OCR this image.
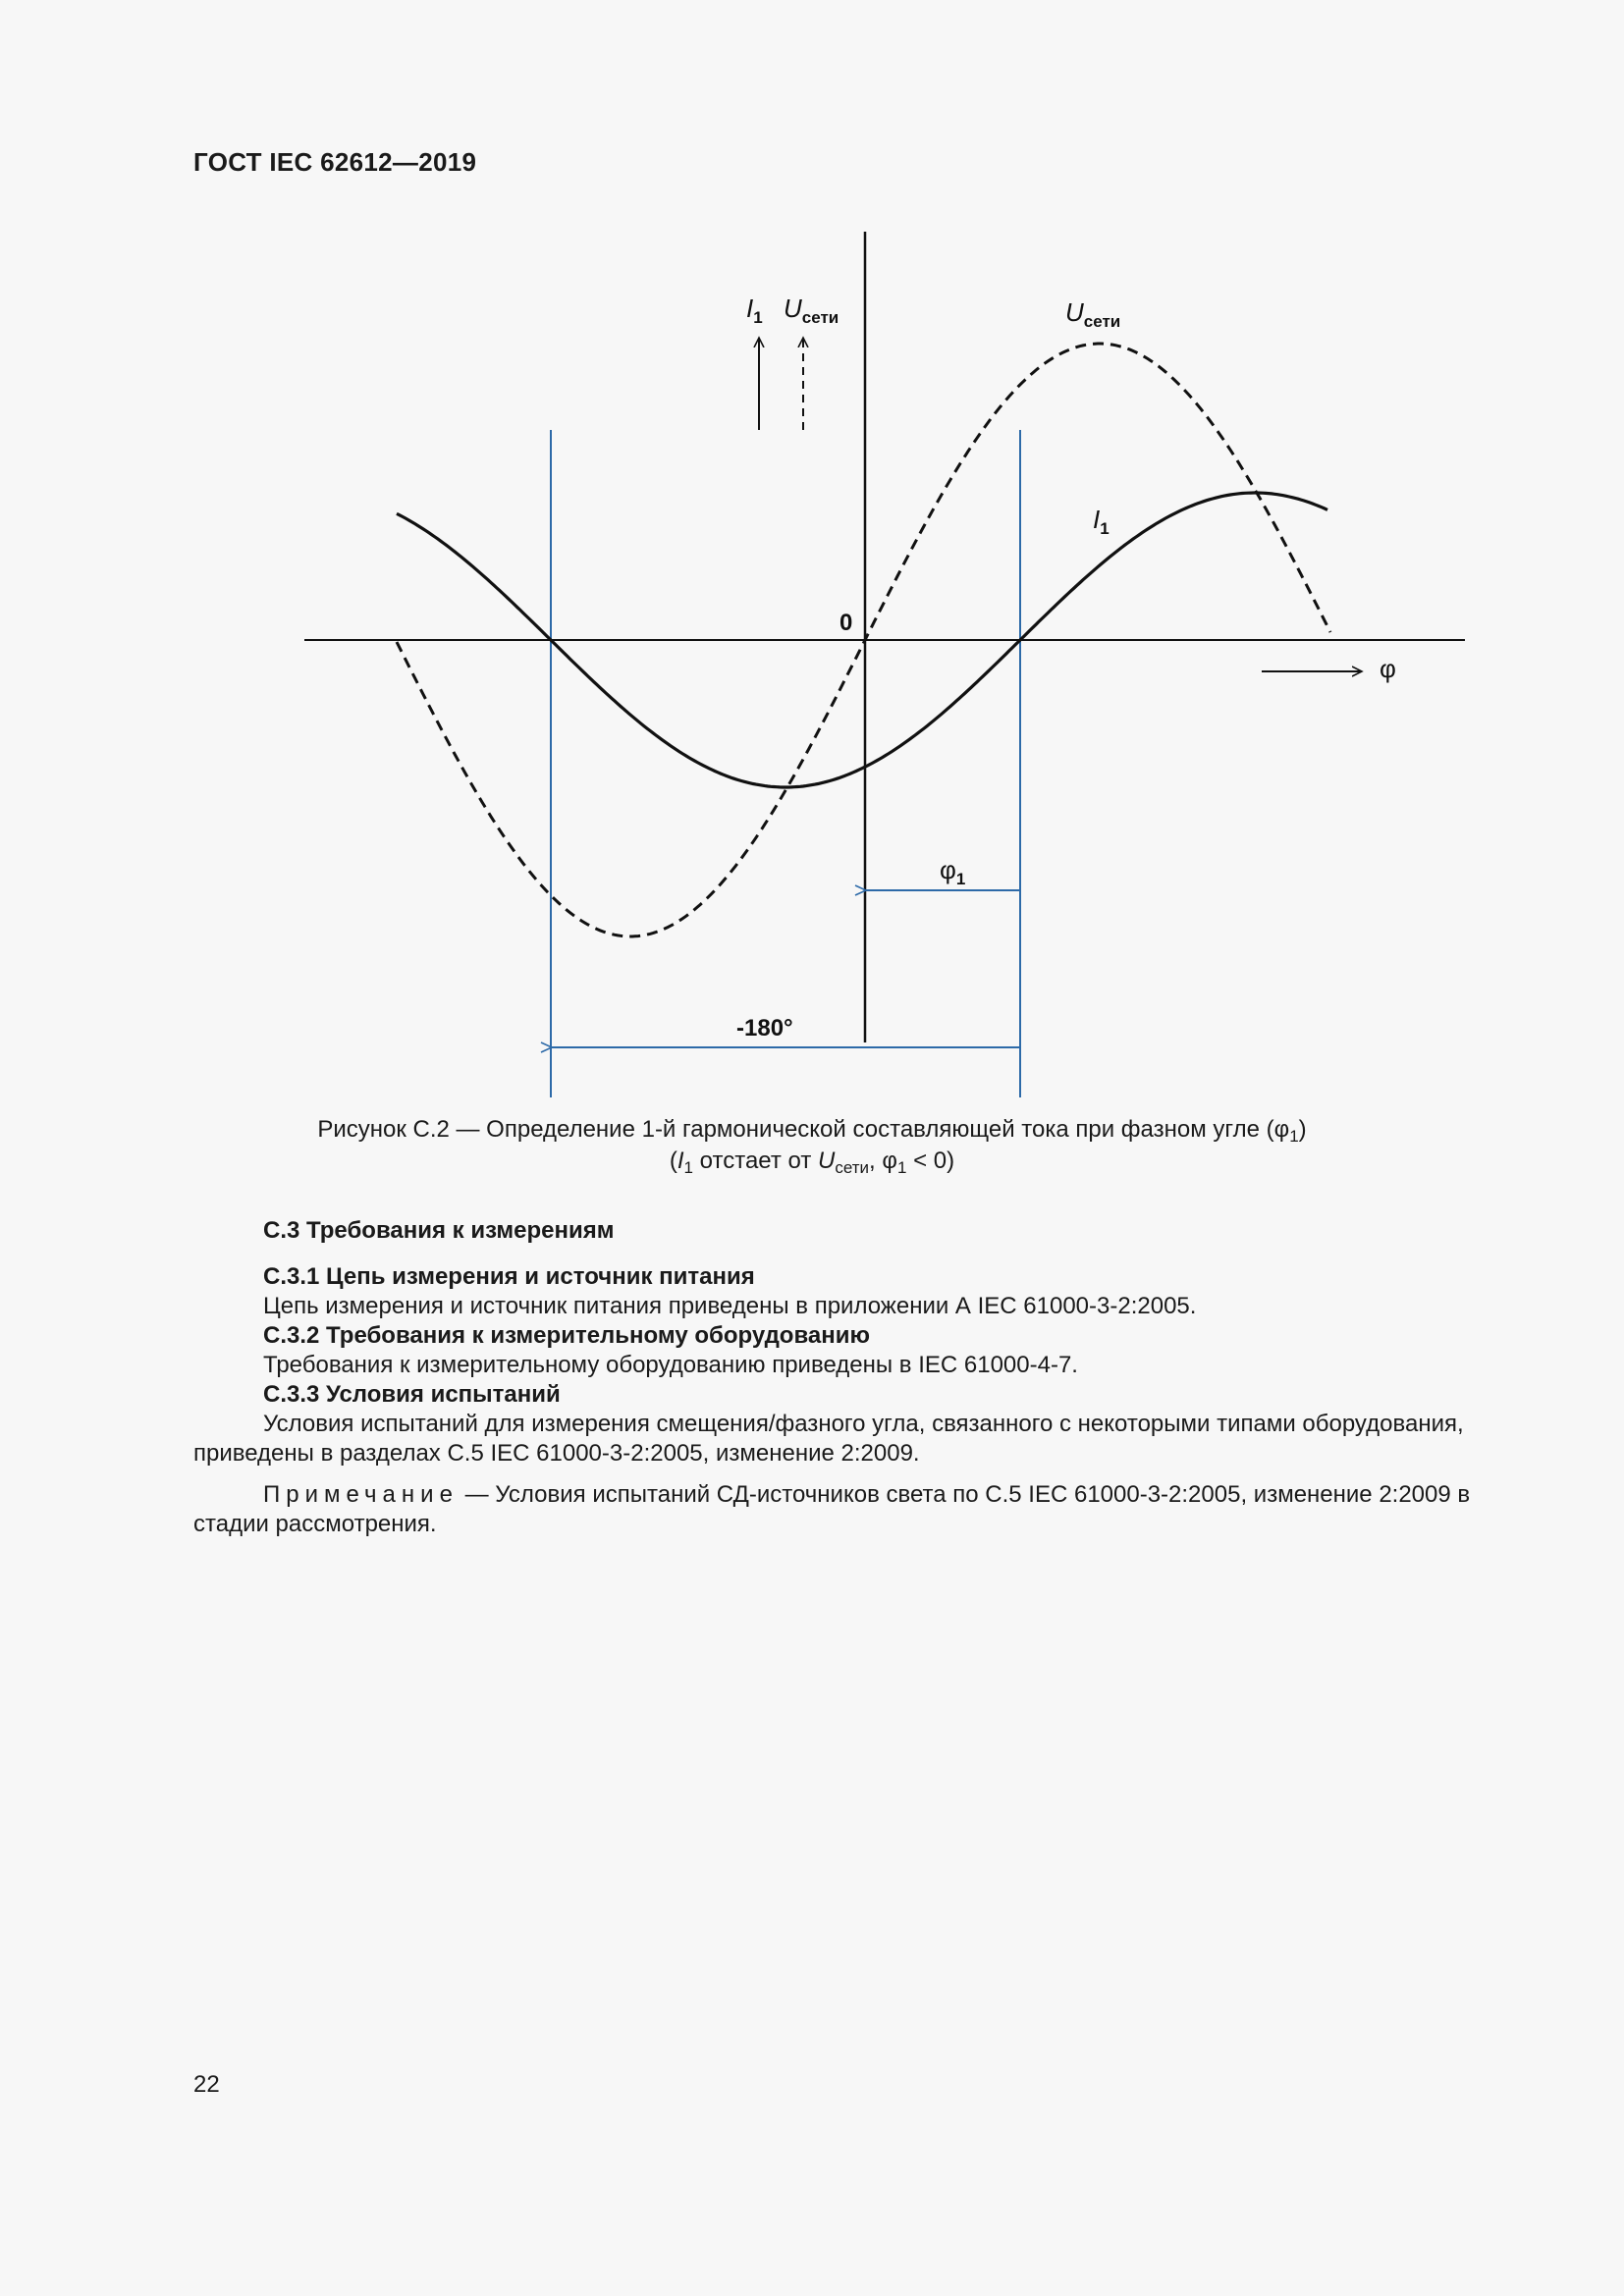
ГОСТ IEC 62612—2019
$I_1$ $U_{сети}$	$U_{сети}$
$I_1$
0
φ
$\varphi_1$
-180°
Рисунок С.2 — Определение 1-й гармонической составляющей тока при фазном угле $(\varphi_1)$
($I_1$ отстает от $U_{сети}$, $\varphi_1 < 0$)
С.3 Требования к измерениям
С.3.1 Цепь измерения и источник питания
Цепь измерения и источник питания приведены в приложении А IEC 61000-3-2:2005.
С.3.2 Требования к измерительному оборудованию
Требования к измерительному оборудованию приведены в IEC 61000-4-7.
С.3.3 Условия испытаний
Условия испытаний для измерения смещения/фазного угла, связанного с некоторыми типами оборудования, приведены в разделах С.5 IEC 61000-3-2:2005, изменение 2:2009.
Примечание — Условия испытаний СД-источников света по С.5 IEC 61000-3-2:2005, изменение 2:2009 в стадии рассмотрения.
22
